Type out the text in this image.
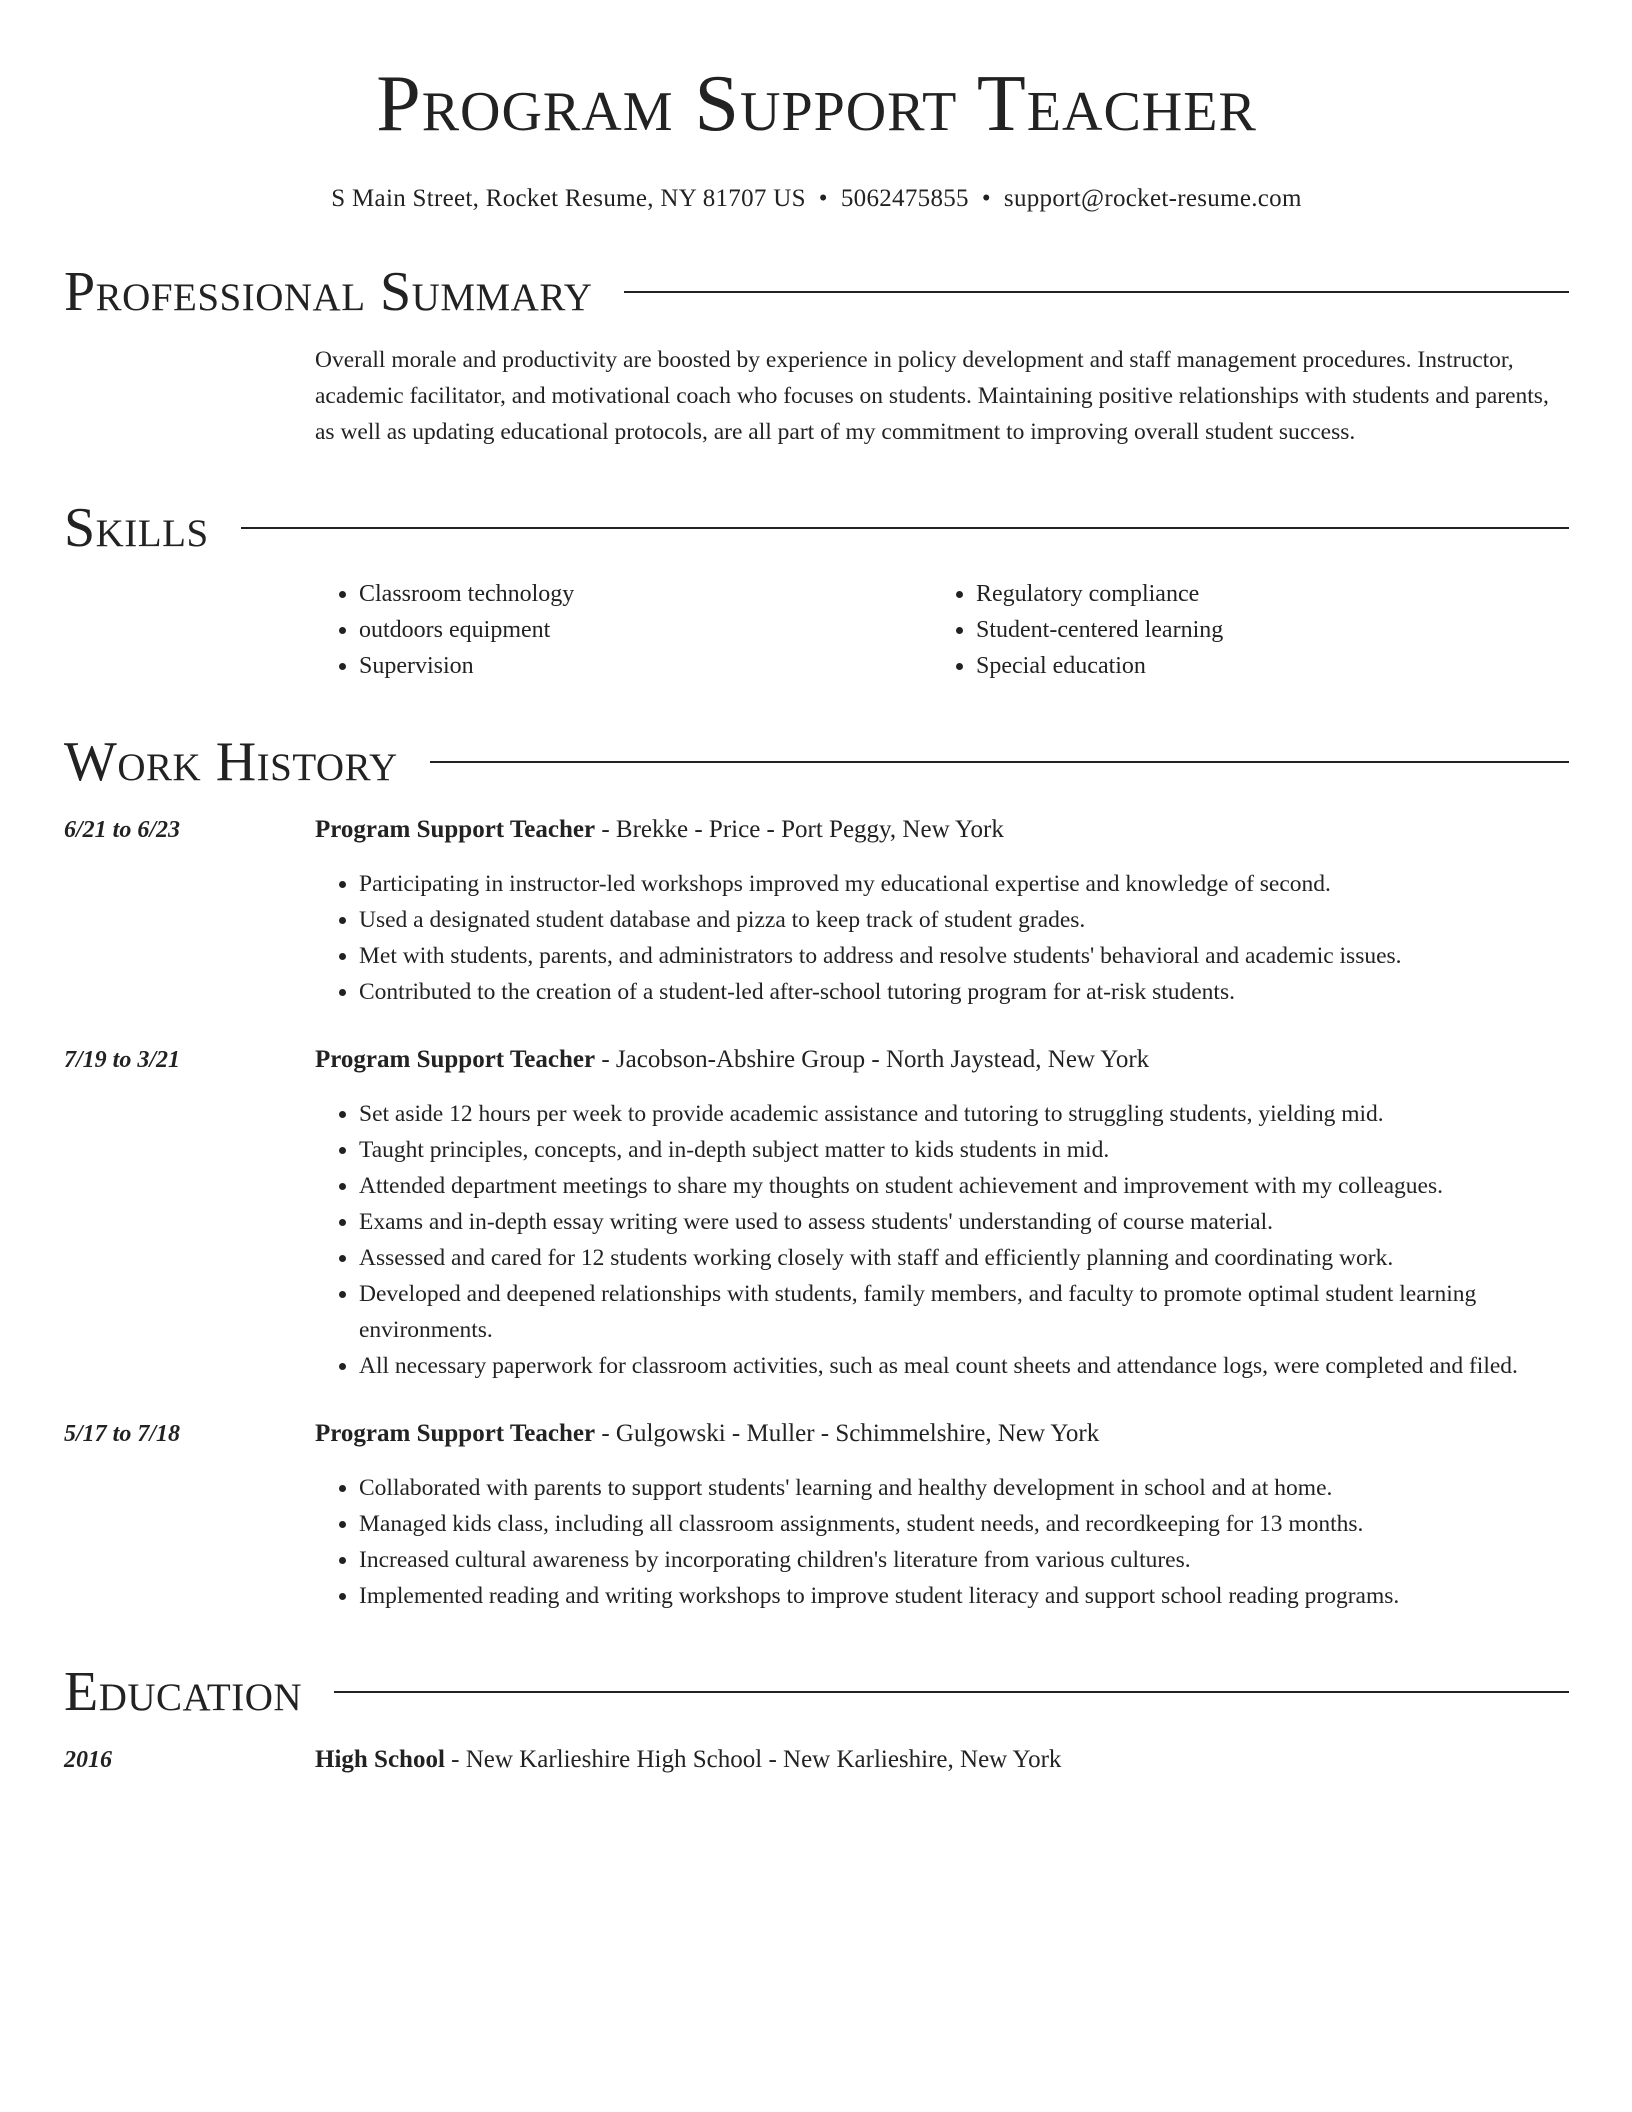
Program Support Teacher
S Main Street, Rocket Resume, NY 81707 US • 5062475855 • support@rocket-resume.com
Professional Summary
Overall morale and productivity are boosted by experience in policy development and staff management procedures. Instructor, academic facilitator, and motivational coach who focuses on students. Maintaining positive relationships with students and parents, as well as updating educational protocols, are all part of my commitment to improving overall student success.
Skills
• Classroom technology
• outdoors equipment
• Supervision
• Regulatory compliance
• Student-centered learning
• Special education
Work History
6/21 to 6/23	Program Support Teacher - Brekke - Price - Port Peggy, New York
• Participating in instructor-led workshops improved my educational expertise and knowledge of second.
• Used a designated student database and pizza to keep track of student grades.
• Met with students, parents, and administrators to address and resolve students' behavioral and academic issues.
• Contributed to the creation of a student-led after-school tutoring program for at-risk students.
7/19 to 3/21	Program Support Teacher - Jacobson-Abshire Group - North Jaystead, New York
• Set aside 12 hours per week to provide academic assistance and tutoring to struggling students, yielding mid.
• Taught principles, concepts, and in-depth subject matter to kids students in mid.
• Attended department meetings to share my thoughts on student achievement and improvement with my colleagues.
• Exams and in-depth essay writing were used to assess students' understanding of course material.
• Assessed and cared for 12 students working closely with staff and efficiently planning and coordinating work.
• Developed and deepened relationships with students, family members, and faculty to promote optimal student learning environments.
• All necessary paperwork for classroom activities, such as meal count sheets and attendance logs, were completed and filed.
5/17 to 7/18	Program Support Teacher - Gulgowski - Muller - Schimmelshire, New York
• Collaborated with parents to support students' learning and healthy development in school and at home.
• Managed kids class, including all classroom assignments, student needs, and recordkeeping for 13 months.
• Increased cultural awareness by incorporating children's literature from various cultures.
• Implemented reading and writing workshops to improve student literacy and support school reading programs.
Education
2016	High School - New Karlieshire High School - New Karlieshire, New York
